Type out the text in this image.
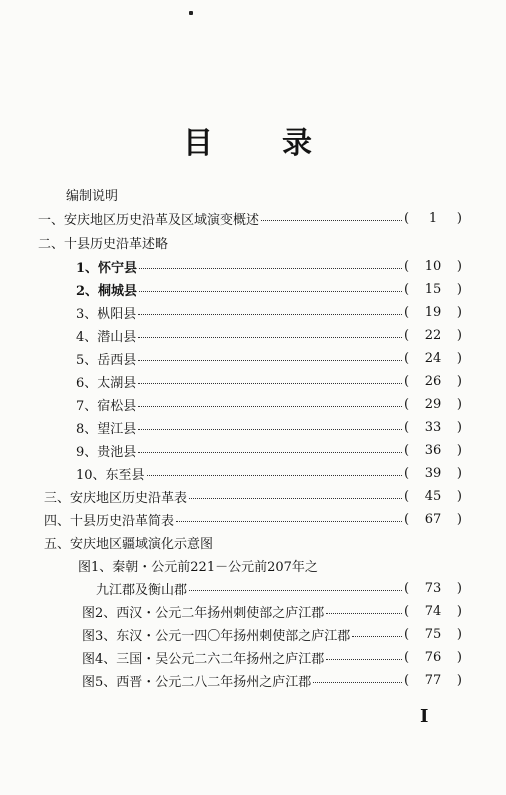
目 录
编制说明
一、安庆地区历史沿革及区域演变概述	(	1	)
二、十县历史沿革述略
1、怀宁县	(	10	)
2、桐城县	(	15	)
3、枞阳县	(	19	)
4、潜山县	(	22	)
5、岳西县	(	24	)
6、太湖县	(	26	)
7、宿松县	(	29	)
8、望江县	(	33	)
9、贵池县	(	36	)
10、东至县	(	39	)
三、安庆地区历史沿革表	(	45	)
四、十县历史沿革简表	(	67	)
五、安庆地区疆域演化示意图
图1、秦朝・公元前221－公元前207年之
九江郡及衡山郡	(	73	)
图2、西汉・公元二年扬州刺使部之庐江郡	(	74	)
图3、东汉・公元一四〇年扬州刺使部之庐江郡	(	75	)
图4、三国・吴公元二六二年扬州之庐江郡	(	76	)
图5、西晋・公元二八二年扬州之庐江郡	(	77	)
I
